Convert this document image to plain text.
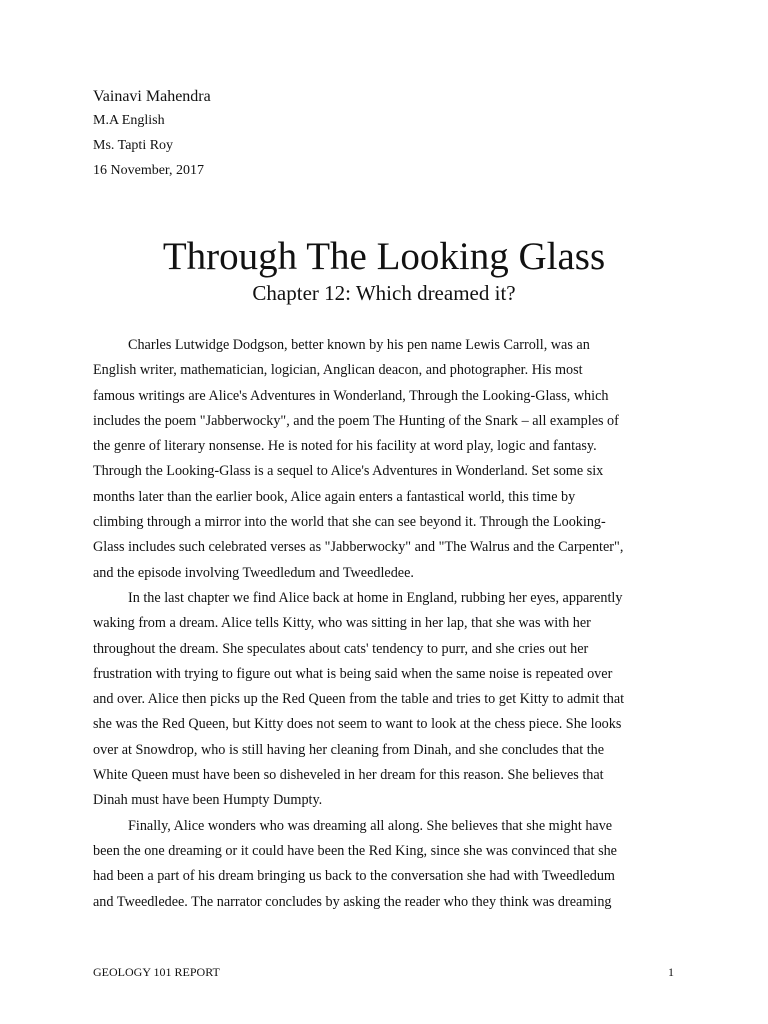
Vainavi Mahendra

M.A English

Ms. Tapti Roy

16 November, 2017

Through The Looking Glass
Chapter 12: Which dreamed it?

Charles Lutwidge Dodgson, better known by his pen name Lewis Carroll, was an
English writer, mathematician, logician, Anglican deacon, and photographer. His most
famous writings are Alice's Adventures in Wonderland, Through the Looking-Glass, which
includes the poem "Jabberwocky", and the poem The Hunting of the Snark – all examples of
the genre of literary nonsense. He is noted for his facility at word play, logic and fantasy.
Through the Looking-Glass is a sequel to Alice's Adventures in Wonderland. Set some six
months later than the earlier book, Alice again enters a fantastical world, this time by
climbing through a mirror into the world that she can see beyond it. Through the Looking-
Glass includes such celebrated verses as "Jabberwocky" and "The Walrus and the Carpenter",
and the episode involving Tweedledum and Tweedledee.

In the last chapter we find Alice back at home in England, rubbing her eyes, apparently
waking from a dream. Alice tells Kitty, who was sitting in her lap, that she was with her
throughout the dream. She speculates about cats' tendency to purr, and she cries out her
frustration with trying to figure out what is being said when the same noise is repeated over
and over. Alice then picks up the Red Queen from the table and tries to get Kitty to admit that
she was the Red Queen, but Kitty does not seem to want to look at the chess piece. She looks
over at Snowdrop, who is still having her cleaning from Dinah, and she concludes that the
White Queen must have been so disheveled in her dream for this reason. She believes that
Dinah must have been Humpty Dumpty.

Finally, Alice wonders who was dreaming all along. She believes that she might have
been the one dreaming or it could have been the Red King, since she was convinced that she
had been a part of his dream bringing us back to the conversation she had with Tweedledum
and Tweedledee. The narrator concludes by asking the reader who they think was dreaming

GEOLOGY 101 REPORT	1
